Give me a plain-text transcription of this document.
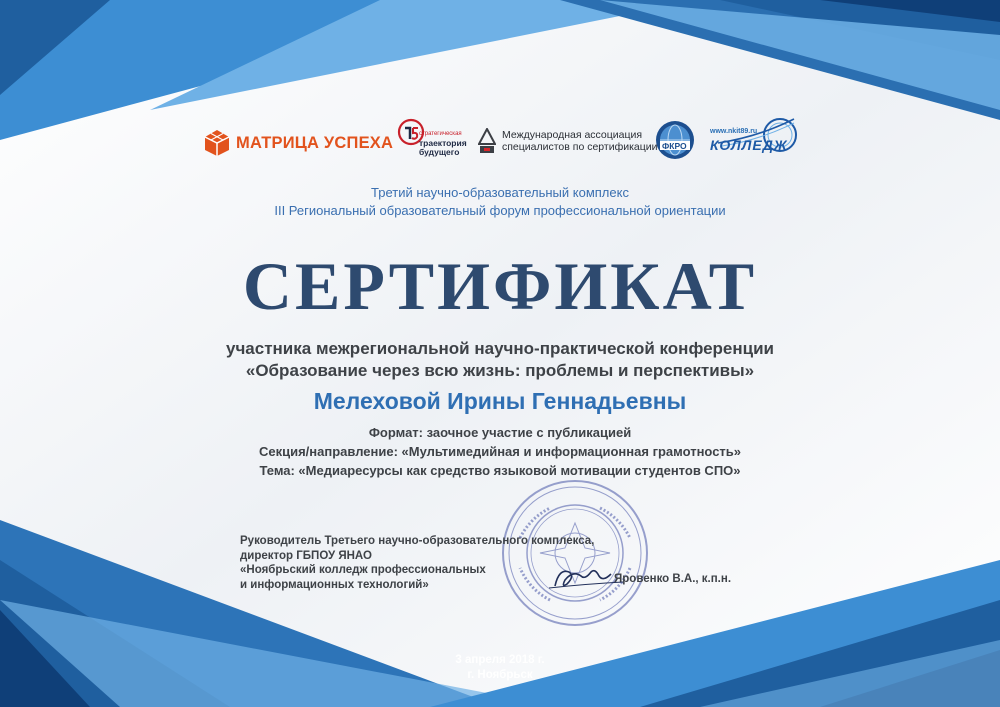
МАТРИЦА УСПЕХА	стратегическая
траектория
будущего
Международная ассоциация
специалистов по сертификации ФКРО
www.nkit89.ru
КОЛЛЕДЖ
Третий научно-образовательный комплекс
III Региональный образовательный форум профессиональной ориентации
СЕРТИФИКАТ
участника межрегиональной научно-практической конференции
«Образование через всю жизнь: проблемы и перспективы»
Мелеховой Ирины Геннадьевны
Формат: заочное участие с публикацией
Секция/направление: «Мультимедийная и информационная грамотность»
Тема: «Медиаресурсы как средство языковой мотивации студентов СПО»
Руководитель Третьего научно-образовательного комплекса,
директор ГБПОУ ЯНАО
«Ноябрьский колледж профессиональных
и информационных технологий»	Яровенко В.А., к.п.н.
3 апреля 2018 г.
г. Ноябрьск
